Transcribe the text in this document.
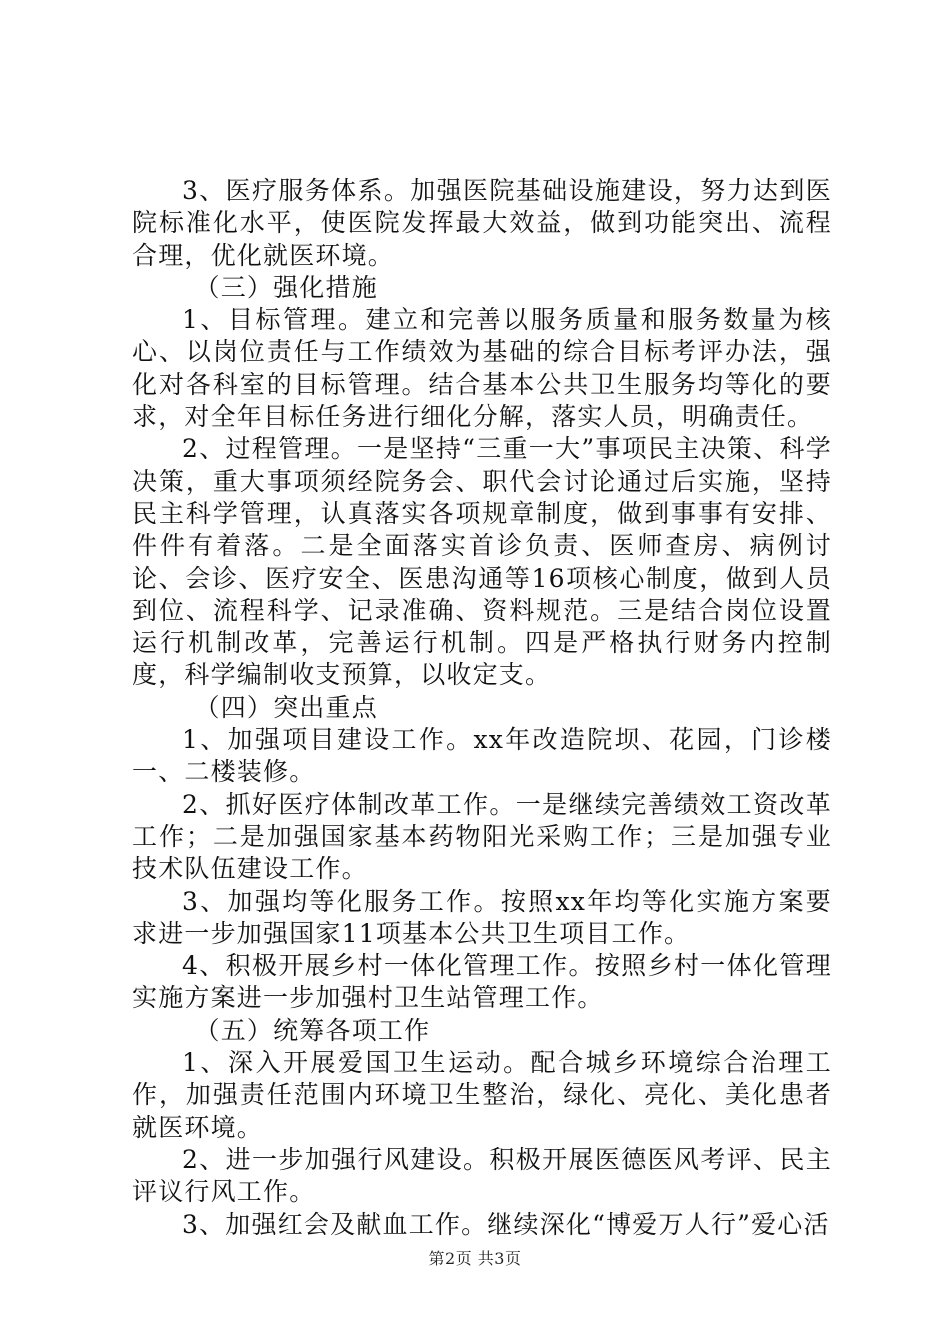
3、医疗服务体系。加强医院基础设施建设，努力达到医院标准化水平，使医院发挥最大效益，做到功能突出、流程合理，优化就医环境。

（三）强化措施

1、目标管理。建立和完善以服务质量和服务数量为核心、以岗位责任与工作绩效为基础的综合目标考评办法，强化对各科室的目标管理。结合基本公共卫生服务均等化的要求，对全年目标任务进行细化分解，落实人员，明确责任。

2、过程管理。一是坚持“三重一大”事项民主决策、科学决策，重大事项须经院务会、职代会讨论通过后实施，坚持民主科学管理，认真落实各项规章制度，做到事事有安排、件件有着落。二是全面落实首诊负责、医师查房、病例讨论、会诊、医疗安全、医患沟通等16项核心制度，做到人员到位、流程科学、记录准确、资料规范。三是结合岗位设置运行机制改革，完善运行机制。四是严格执行财务内控制度，科学编制收支预算，以收定支。

（四）突出重点

1、加强项目建设工作。xx年改造院坝、花园，门诊楼一、二楼装修。

2、抓好医疗体制改革工作。一是继续完善绩效工资改革工作；二是加强国家基本药物阳光采购工作；三是加强专业技术队伍建设工作。

3、加强均等化服务工作。按照xx年均等化实施方案要求进一步加强国家11项基本公共卫生项目工作。

4、积极开展乡村一体化管理工作。按照乡村一体化管理实施方案进一步加强村卫生站管理工作。

（五）统筹各项工作

1、深入开展爱国卫生运动。配合城乡环境综合治理工作，加强责任范围内环境卫生整治，绿化、亮化、美化患者就医环境。

2、进一步加强行风建设。积极开展医德医风考评、民主评议行风工作。

3、加强红会及献血工作。继续深化“博爱万人行”爱心活

第2页 共3页
